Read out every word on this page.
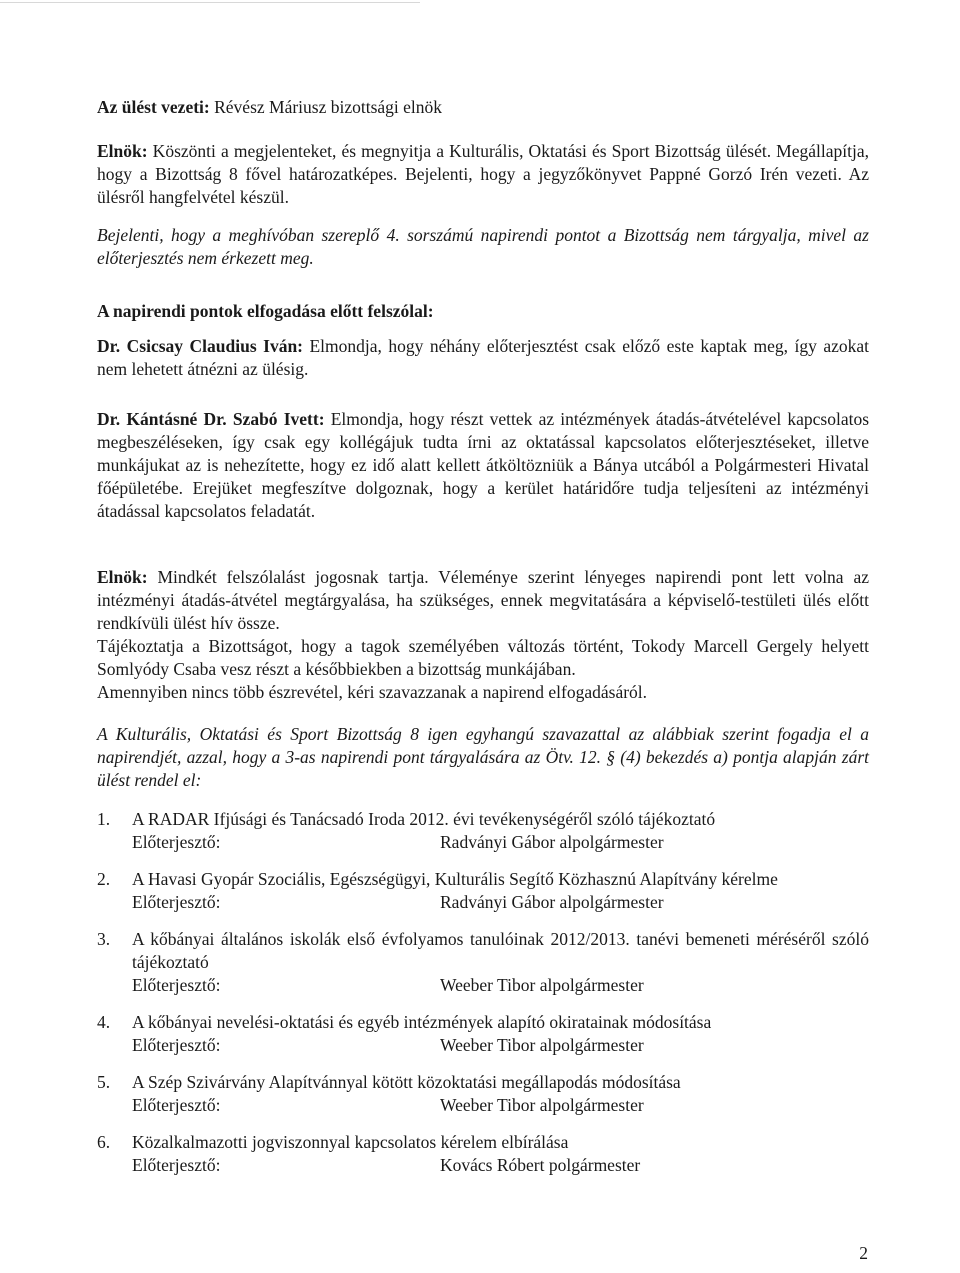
Az ülést vezeti: Révész Máriusz bizottsági elnök

Elnök: Köszönti a megjelenteket, és megnyitja a Kulturális, Oktatási és Sport Bizottság ülését. Megállapítja, hogy a Bizottság 8 fővel határozatképes. Bejelenti, hogy a jegyzőkönyvet Pappné Gorzó Irén vezeti. Az ülésről hangfelvétel készül.

Bejelenti, hogy a meghívóban szereplő 4. sorszámú napirendi pontot a Bizottság nem tárgyalja, mivel az előterjesztés nem érkezett meg.

A napirendi pontok elfogadása előtt felszólal:

Dr. Csicsay Claudius Iván: Elmondja, hogy néhány előterjesztést csak előző este kaptak meg, így azokat nem lehetett átnézni az ülésig.

Dr. Kántásné Dr. Szabó Ivett: Elmondja, hogy részt vettek az intézmények átadás-átvételével kapcsolatos megbeszéléseken, így csak egy kollégájuk tudta írni az oktatással kapcsolatos előterjesztéseket, illetve munkájukat az is nehezítette, hogy ez idő alatt kellett átköltözniük a Bánya utcából a Polgármesteri Hivatal főépületébe. Erejüket megfeszítve dolgoznak, hogy a kerület határidőre tudja teljesíteni az intézményi átadással kapcsolatos feladatát.

Elnök: Mindkét felszólalást jogosnak tartja. Véleménye szerint lényeges napirendi pont lett volna az intézményi átadás-átvétel megtárgyalása, ha szükséges, ennek megvitatására a képviselő-testületi ülés előtt rendkívüli ülést hív össze.

Tájékoztatja a Bizottságot, hogy a tagok személyében változás történt, Tokody Marcell Gergely helyett Somlyódy Csaba vesz részt a későbbiekben a bizottság munkájában.

Amennyiben nincs több észrevétel, kéri szavazzanak a napirend elfogadásáról.

A Kulturális, Oktatási és Sport Bizottság 8 igen egyhangú szavazattal az alábbiak szerint fogadja el a napirendjét, azzal, hogy a 3-as napirendi pont tárgyalására az Ötv. 12. § (4) bekezdés a) pontja alapján zárt ülést rendel el:

1.	A RADAR Ifjúsági és Tanácsadó Iroda 2012. évi tevékenységéről szóló tájékoztató

Előterjesztő:	Radványi Gábor alpolgármester
2.	A Havasi Gyopár Szociális, Egészségügyi, Kulturális Segítő Közhasznú Alapítvány kérelme

Előterjesztő:	Radványi Gábor alpolgármester
3.	A kőbányai általános iskolák első évfolyamos tanulóinak 2012/2013. tanévi bemeneti méréséről szóló tájékoztató

Előterjesztő:	Weeber Tibor alpolgármester
4.	A kőbányai nevelési-oktatási és egyéb intézmények alapító okiratainak módosítása

Előterjesztő:	Weeber Tibor alpolgármester
5.	A Szép Szivárvány Alapítvánnyal kötött közoktatási megállapodás módosítása

Előterjesztő:	Weeber Tibor alpolgármester
6.	Közalkalmazotti jogviszonnyal kapcsolatos kérelem elbírálása

Előterjesztő:	Kovács Róbert polgármester
2
